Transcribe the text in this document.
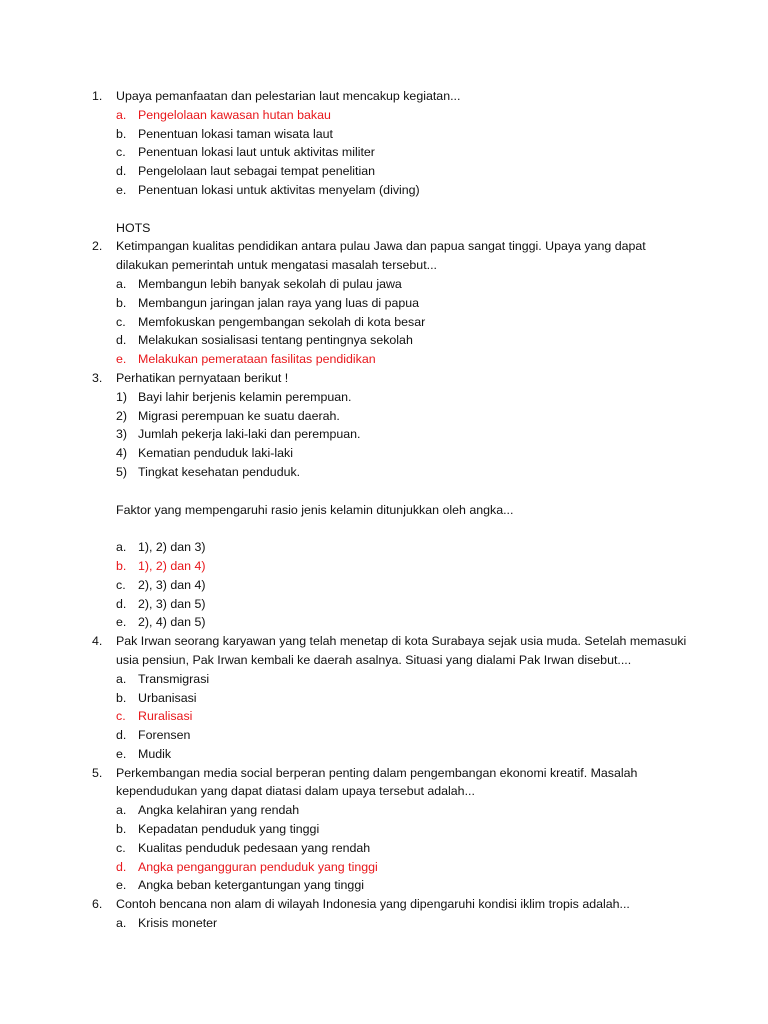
1.	Upaya pemanfaatan dan pelestarian laut mencakup kegiatan...
a. Pengelolaan kawasan hutan bakau
b. Penentuan lokasi taman wisata laut
c. Penentuan lokasi laut untuk aktivitas militer
d. Pengelolaan laut sebagai tempat penelitian
e. Penentuan lokasi untuk aktivitas menyelam (diving)
HOTS
2.	Ketimpangan kualitas pendidikan antara pulau Jawa dan papua sangat tinggi. Upaya yang dapat dilakukan pemerintah untuk mengatasi masalah tersebut...
a. Membangun lebih banyak sekolah di pulau jawa
b. Membangun jaringan jalan raya yang luas di papua
c. Memfokuskan pengembangan sekolah di kota besar
d. Melakukan sosialisasi tentang pentingnya sekolah
e. Melakukan pemerataan fasilitas pendidikan
3.	Perhatikan pernyataan berikut !
1) Bayi lahir berjenis kelamin perempuan.
2) Migrasi perempuan ke suatu daerah.
3) Jumlah pekerja laki-laki dan perempuan.
4) Kematian penduduk laki-laki
5) Tingkat kesehatan penduduk.
Faktor yang mempengaruhi rasio jenis kelamin ditunjukkan oleh angka...
a. 1), 2) dan 3)
b. 1), 2) dan 4)
c. 2), 3) dan 4)
d. 2), 3) dan 5)
e. 2), 4) dan 5)
4.	Pak Irwan seorang karyawan yang telah menetap di kota Surabaya sejak usia muda. Setelah memasuki usia pensiun, Pak Irwan kembali ke daerah asalnya. Situasi yang dialami Pak Irwan disebut....
a. Transmigrasi
b. Urbanisasi
c. Ruralisasi
d. Forensen
e. Mudik
5.	Perkembangan media social berperan penting dalam pengembangan ekonomi kreatif. Masalah kependudukan yang dapat diatasi dalam upaya tersebut adalah...
a. Angka kelahiran yang rendah
b. Kepadatan penduduk yang tinggi
c. Kualitas penduduk pedesaan yang rendah
d. Angka pengangguran penduduk yang tinggi
e. Angka beban ketergantungan yang tinggi
6.	Contoh bencana non alam di wilayah Indonesia yang dipengaruhi kondisi iklim tropis adalah...
a. Krisis moneter
